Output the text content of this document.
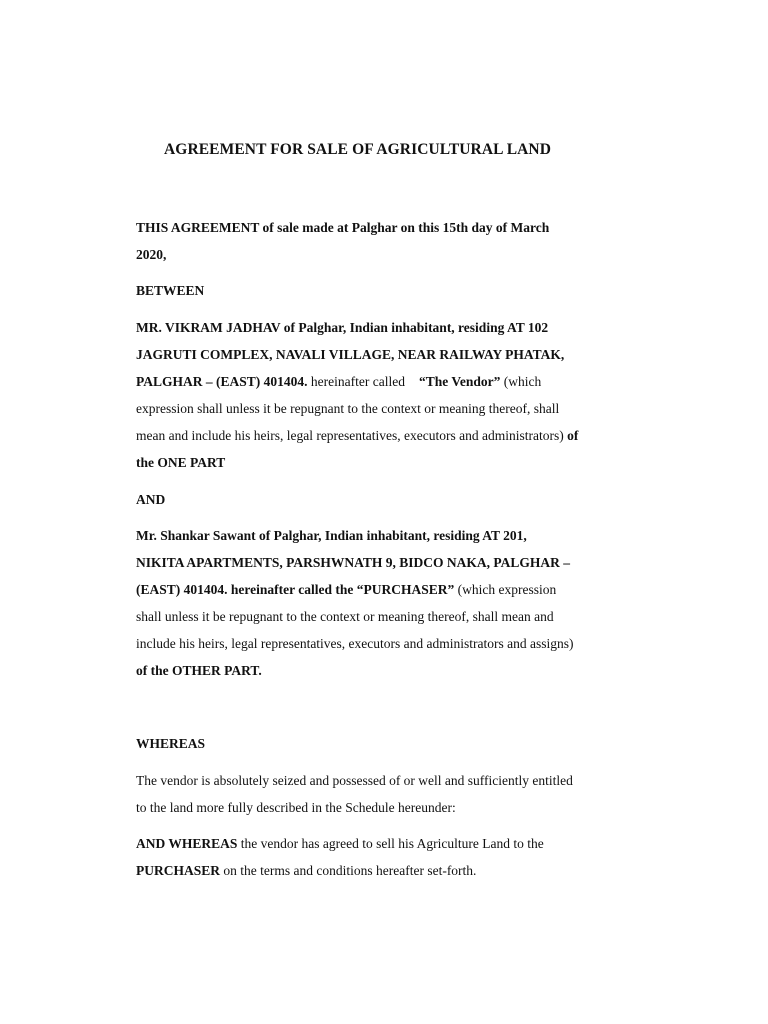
AGREEMENT FOR SALE OF AGRICULTURAL LAND
THIS AGREEMENT of sale made at Palghar on this 15th day of March
2020,
BETWEEN
MR. VIKRAM JADHAV of Palghar, Indian inhabitant, residing AT 102
JAGRUTI COMPLEX, NAVALI VILLAGE, NEAR RAILWAY PHATAK,
PALGHAR – (EAST) 401404. hereinafter called “The Vendor” (which
expression shall unless it be repugnant to the context or meaning thereof, shall
mean and include his heirs, legal representatives, executors and administrators) of
the ONE PART
AND
Mr. Shankar Sawant of Palghar, Indian inhabitant, residing AT 201,
NIKITA APARTMENTS, PARSHWNATH 9, BIDCO NAKA, PALGHAR –
(EAST) 401404. hereinafter called the “PURCHASER” (which expression
shall unless it be repugnant to the context or meaning thereof, shall mean and
include his heirs, legal representatives, executors and administrators and assigns)
of the OTHER PART.
WHEREAS
The vendor is absolutely seized and possessed of or well and sufficiently entitled
to the land more fully described in the Schedule hereunder:
AND WHEREAS the vendor has agreed to sell his Agriculture Land to the
PURCHASER on the terms and conditions hereafter set-forth.
